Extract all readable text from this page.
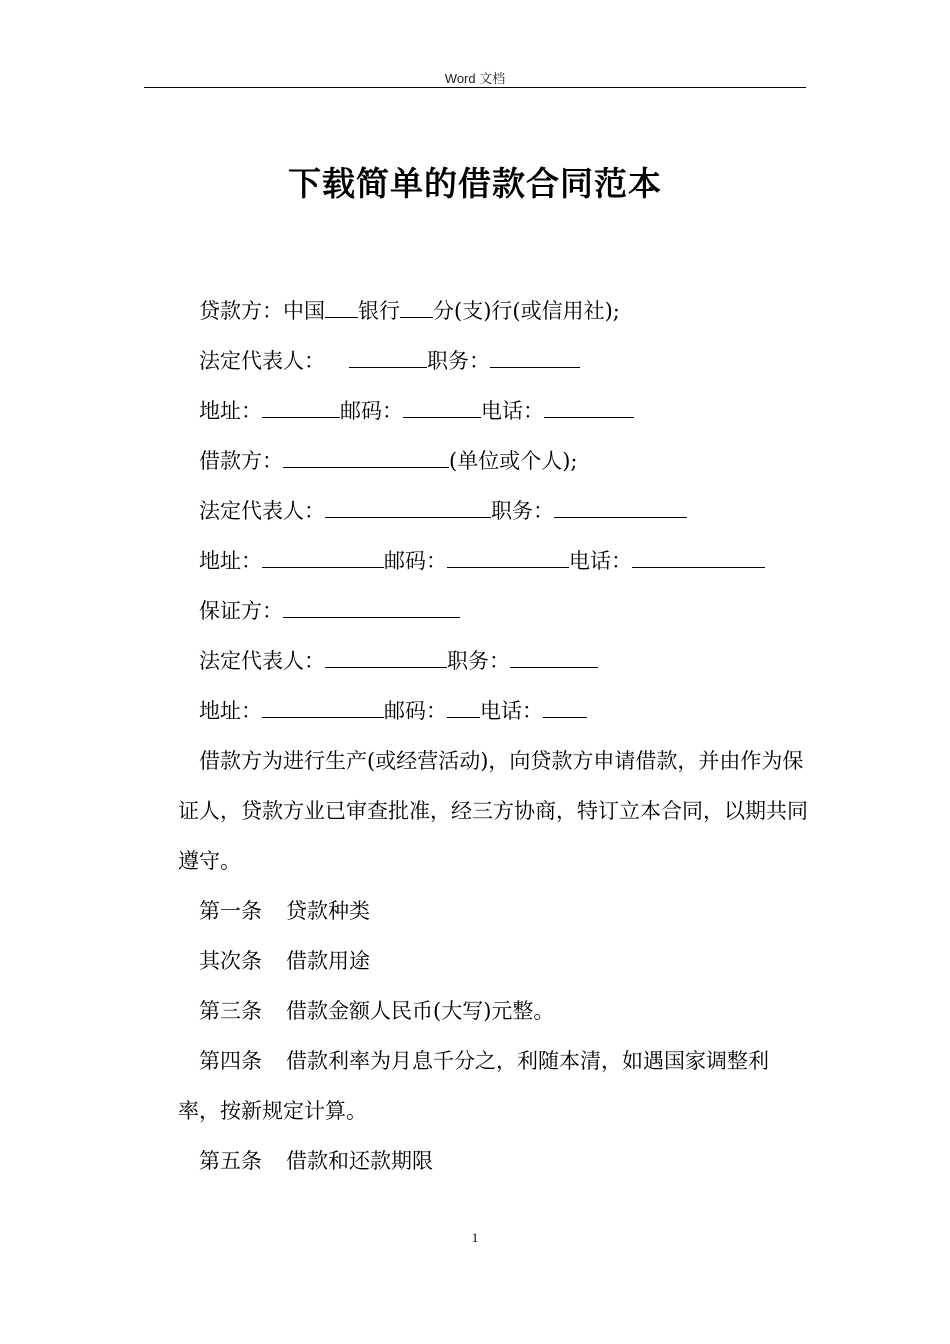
Word 文档
下载简单的借款合同范本

贷款方：中国 银行 分(支)行(或信用社);

法定代表人：	职务：

地址：	邮码：	电话：

借款方：	(单位或个人);

法定代表人：	职务：

地址：	邮码：	电话：

保证方：

法定代表人：	职务：

地址：	邮码： 电话：

借款方为进行生产(或经营活动)，向贷款方申请借款，并由作为保证人，贷款方业已审查批准，经三方协商，特订立本合同，以期共同遵守。

第一条 贷款种类

其次条 借款用途

第三条 借款金额人民币(大写)元整。

第四条 借款利率为月息千分之，利随本清，如遇国家调整利率，按新规定计算。

第五条 借款和还款期限

1
